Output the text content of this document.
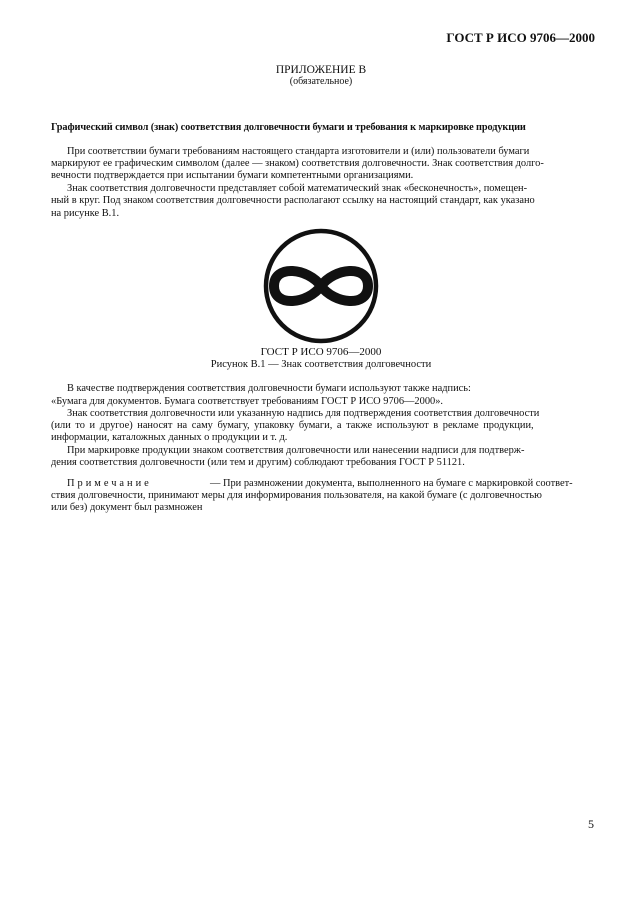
ГОСТ Р ИСО 9706—2000
ПРИЛОЖЕНИЕ В
(обязательное)
Графический символ (знак) соответствия долговечности бумаги и требования к маркировке продукции
При соответствии бумаги требованиям настоящего стандарта изготовители и (или) пользователи бумаги
маркируют ее графическим символом (далее — знаком) соответствия долговечности. Знак соответствия долго-
вечности подтверждается при испытании бумаги компетентными организациями.
Знак соответствия долговечности представляет собой математический знак «бесконечность», помещен-
ный в круг. Под знаком соответствия долговечности располагают ссылку на настоящий стандарт, как указано
на рисунке В.1.
ГОСТ Р ИСО 9706—2000
Рисунок В.1 — Знак соответствия долговечности
В качестве подтверждения соответствия долговечности бумаги используют также надпись:
«Бумага для документов. Бумага соответствует требованиям ГОСТ Р ИСО 9706—2000».
Знак соответствия долговечности или указанную надпись для подтверждения соответствия долговечности
(или то и другое) наносят на саму бумагу, упаковку бумаги, а также используют в рекламе продукции,
информации, каталожных данных о продукции и т. д.
При маркировке продукции знаком соответствия долговечности или нанесении надписи для подтверж-
дения соответствия долговечности (или тем и другим) соблюдают требования ГОСТ Р 51121.
Примечание	— При размножении документа, выполненного на бумаге с маркировкой соответ-
ствия долговечности, принимают меры для информирования пользователя, на какой бумаге (с долговечностью
или без) документ был размножен
5
